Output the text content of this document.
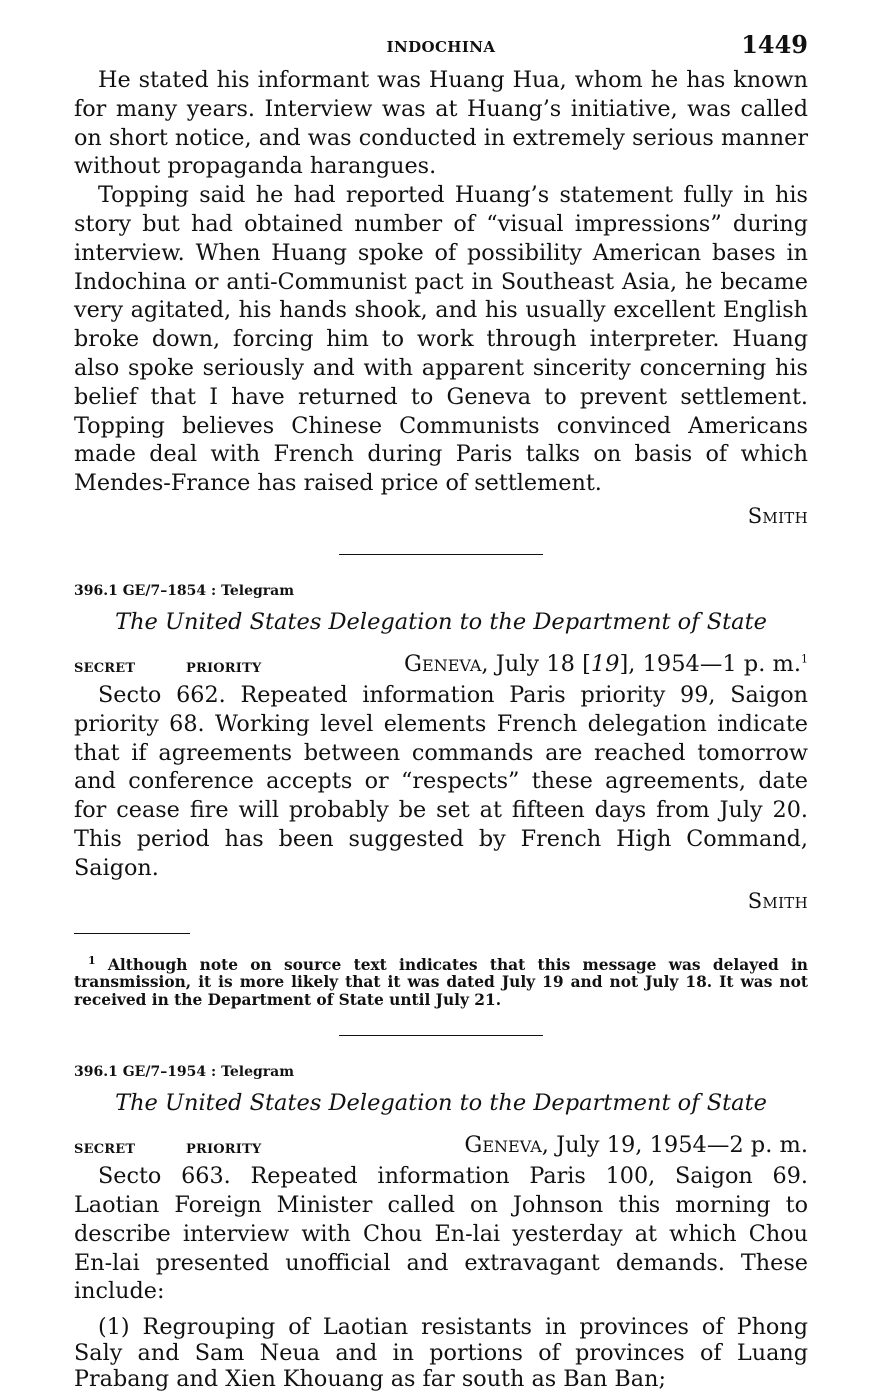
INDOCHINA	1449

He stated his informant was Huang Hua, whom he has known for many years. Interview was at Huang’s initiative, was called on short notice, and was conducted in extremely serious manner without propaganda harangues.

Topping said he had reported Huang’s statement fully in his story but had obtained number of “visual impressions” during interview. When Huang spoke of possibility American bases in Indochina or anti-Communist pact in Southeast Asia, he became very agitated, his hands shook, and his usually excellent English broke down, forcing him to work through interpreter. Huang also spoke seriously and with apparent sincerity concerning his belief that I have returned to Geneva to prevent settlement. Topping believes Chinese Communists convinced Americans made deal with French during Paris talks on basis of which Mendes-France has raised price of settlement.

Smith
396.1 GE/7–1854 : Telegram
The United States Delegation to the Department of State
SECRET	PRIORITY	Geneva, July 18 [19], 1954—1 p. m.$^1$

Secto 662. Repeated information Paris priority 99, Saigon priority 68. Working level elements French delegation indicate that if agreements between commands are reached tomorrow and conference accepts or “respects” these agreements, date for cease fire will probably be set at fifteen days from July 20. This period has been suggested by French High Command, Saigon.

Smith
$^1$ Although note on source text indicates that this message was delayed in transmission, it is more likely that it was dated July 19 and not July 18. It was not received in the Department of State until July 21.
396.1 GE/7–1954 : Telegram
The United States Delegation to the Department of State
SECRET	PRIORITY	Geneva, July 19, 1954—2 p. m.

Secto 663. Repeated information Paris 100, Saigon 69. Laotian Foreign Minister called on Johnson this morning to describe interview with Chou En-lai yesterday at which Chou En-lai presented unofficial and extravagant demands. These include:

(1) Regrouping of Laotian resistants in provinces of Phong Saly and Sam Neua and in portions of provinces of Luang Prabang and Xien Khouang as far south as Ban Ban;
